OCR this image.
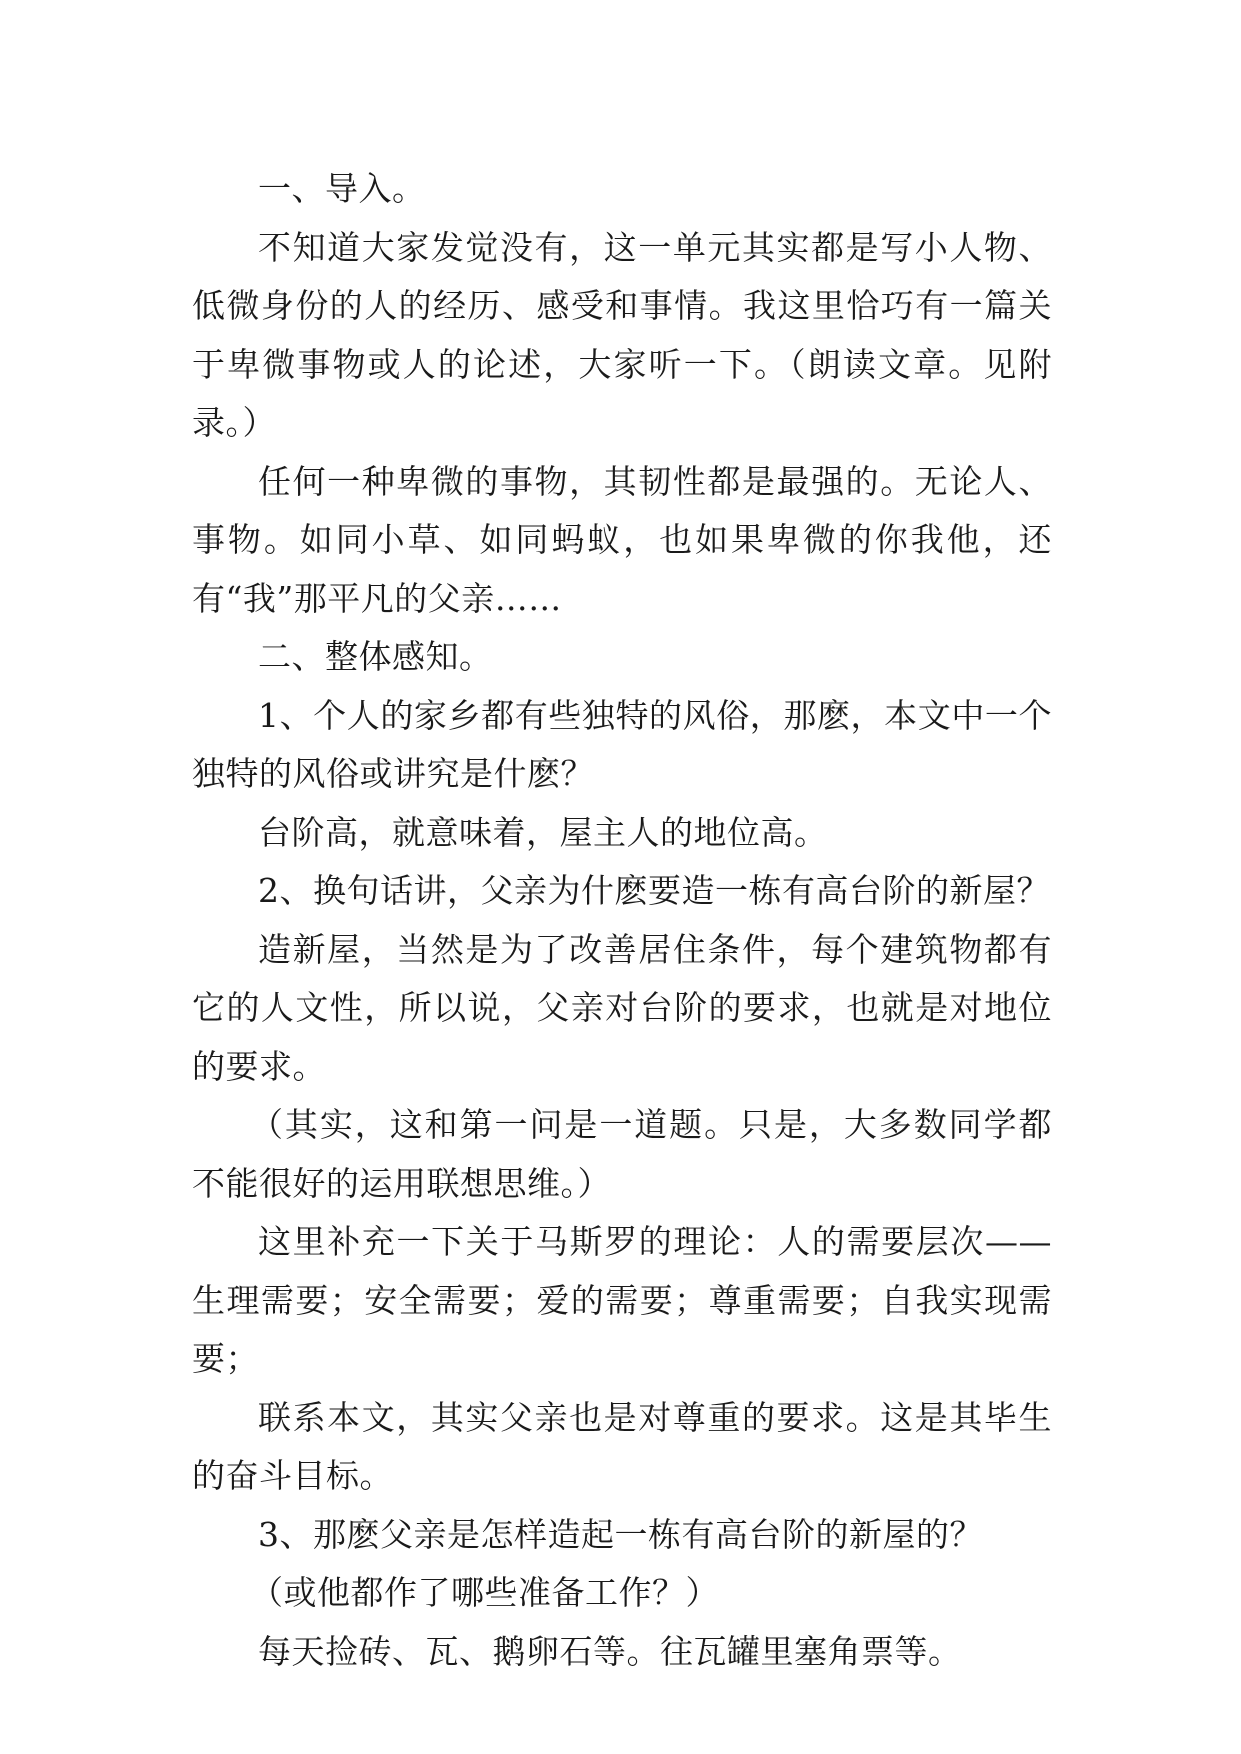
一、导入。

不知道大家发觉没有，这一单元其实都是写小人物、低微身份的人的经历、感受和事情。我这里恰巧有一篇关于卑微事物或人的论述，大家听一下。（朗读文章。见附录。）

任何一种卑微的事物，其韧性都是最强的。无论人、事物。如同小草、如同蚂蚁，也如果卑微的你我他，还有“我”那平凡的父亲……

二、整体感知。

1、个人的家乡都有些独特的风俗，那麽，本文中一个独特的风俗或讲究是什麽？

台阶高，就意味着，屋主人的地位高。

2、换句话讲，父亲为什麽要造一栋有高台阶的新屋？

造新屋，当然是为了改善居住条件，每个建筑物都有它的人文性，所以说，父亲对台阶的要求，也就是对地位的要求。

（其实，这和第一问是一道题。只是，大多数同学都不能很好的运用联想思维。）

这里补充一下关于马斯罗的理论：人的需要层次——生理需要；安全需要；爱的需要；尊重需要；自我实现需要；

联系本文，其实父亲也是对尊重的要求。这是其毕生的奋斗目标。

3、那麽父亲是怎样造起一栋有高台阶的新屋的？

（或他都作了哪些准备工作？）

每天捡砖、瓦、鹅卵石等。往瓦罐里塞角票等。
